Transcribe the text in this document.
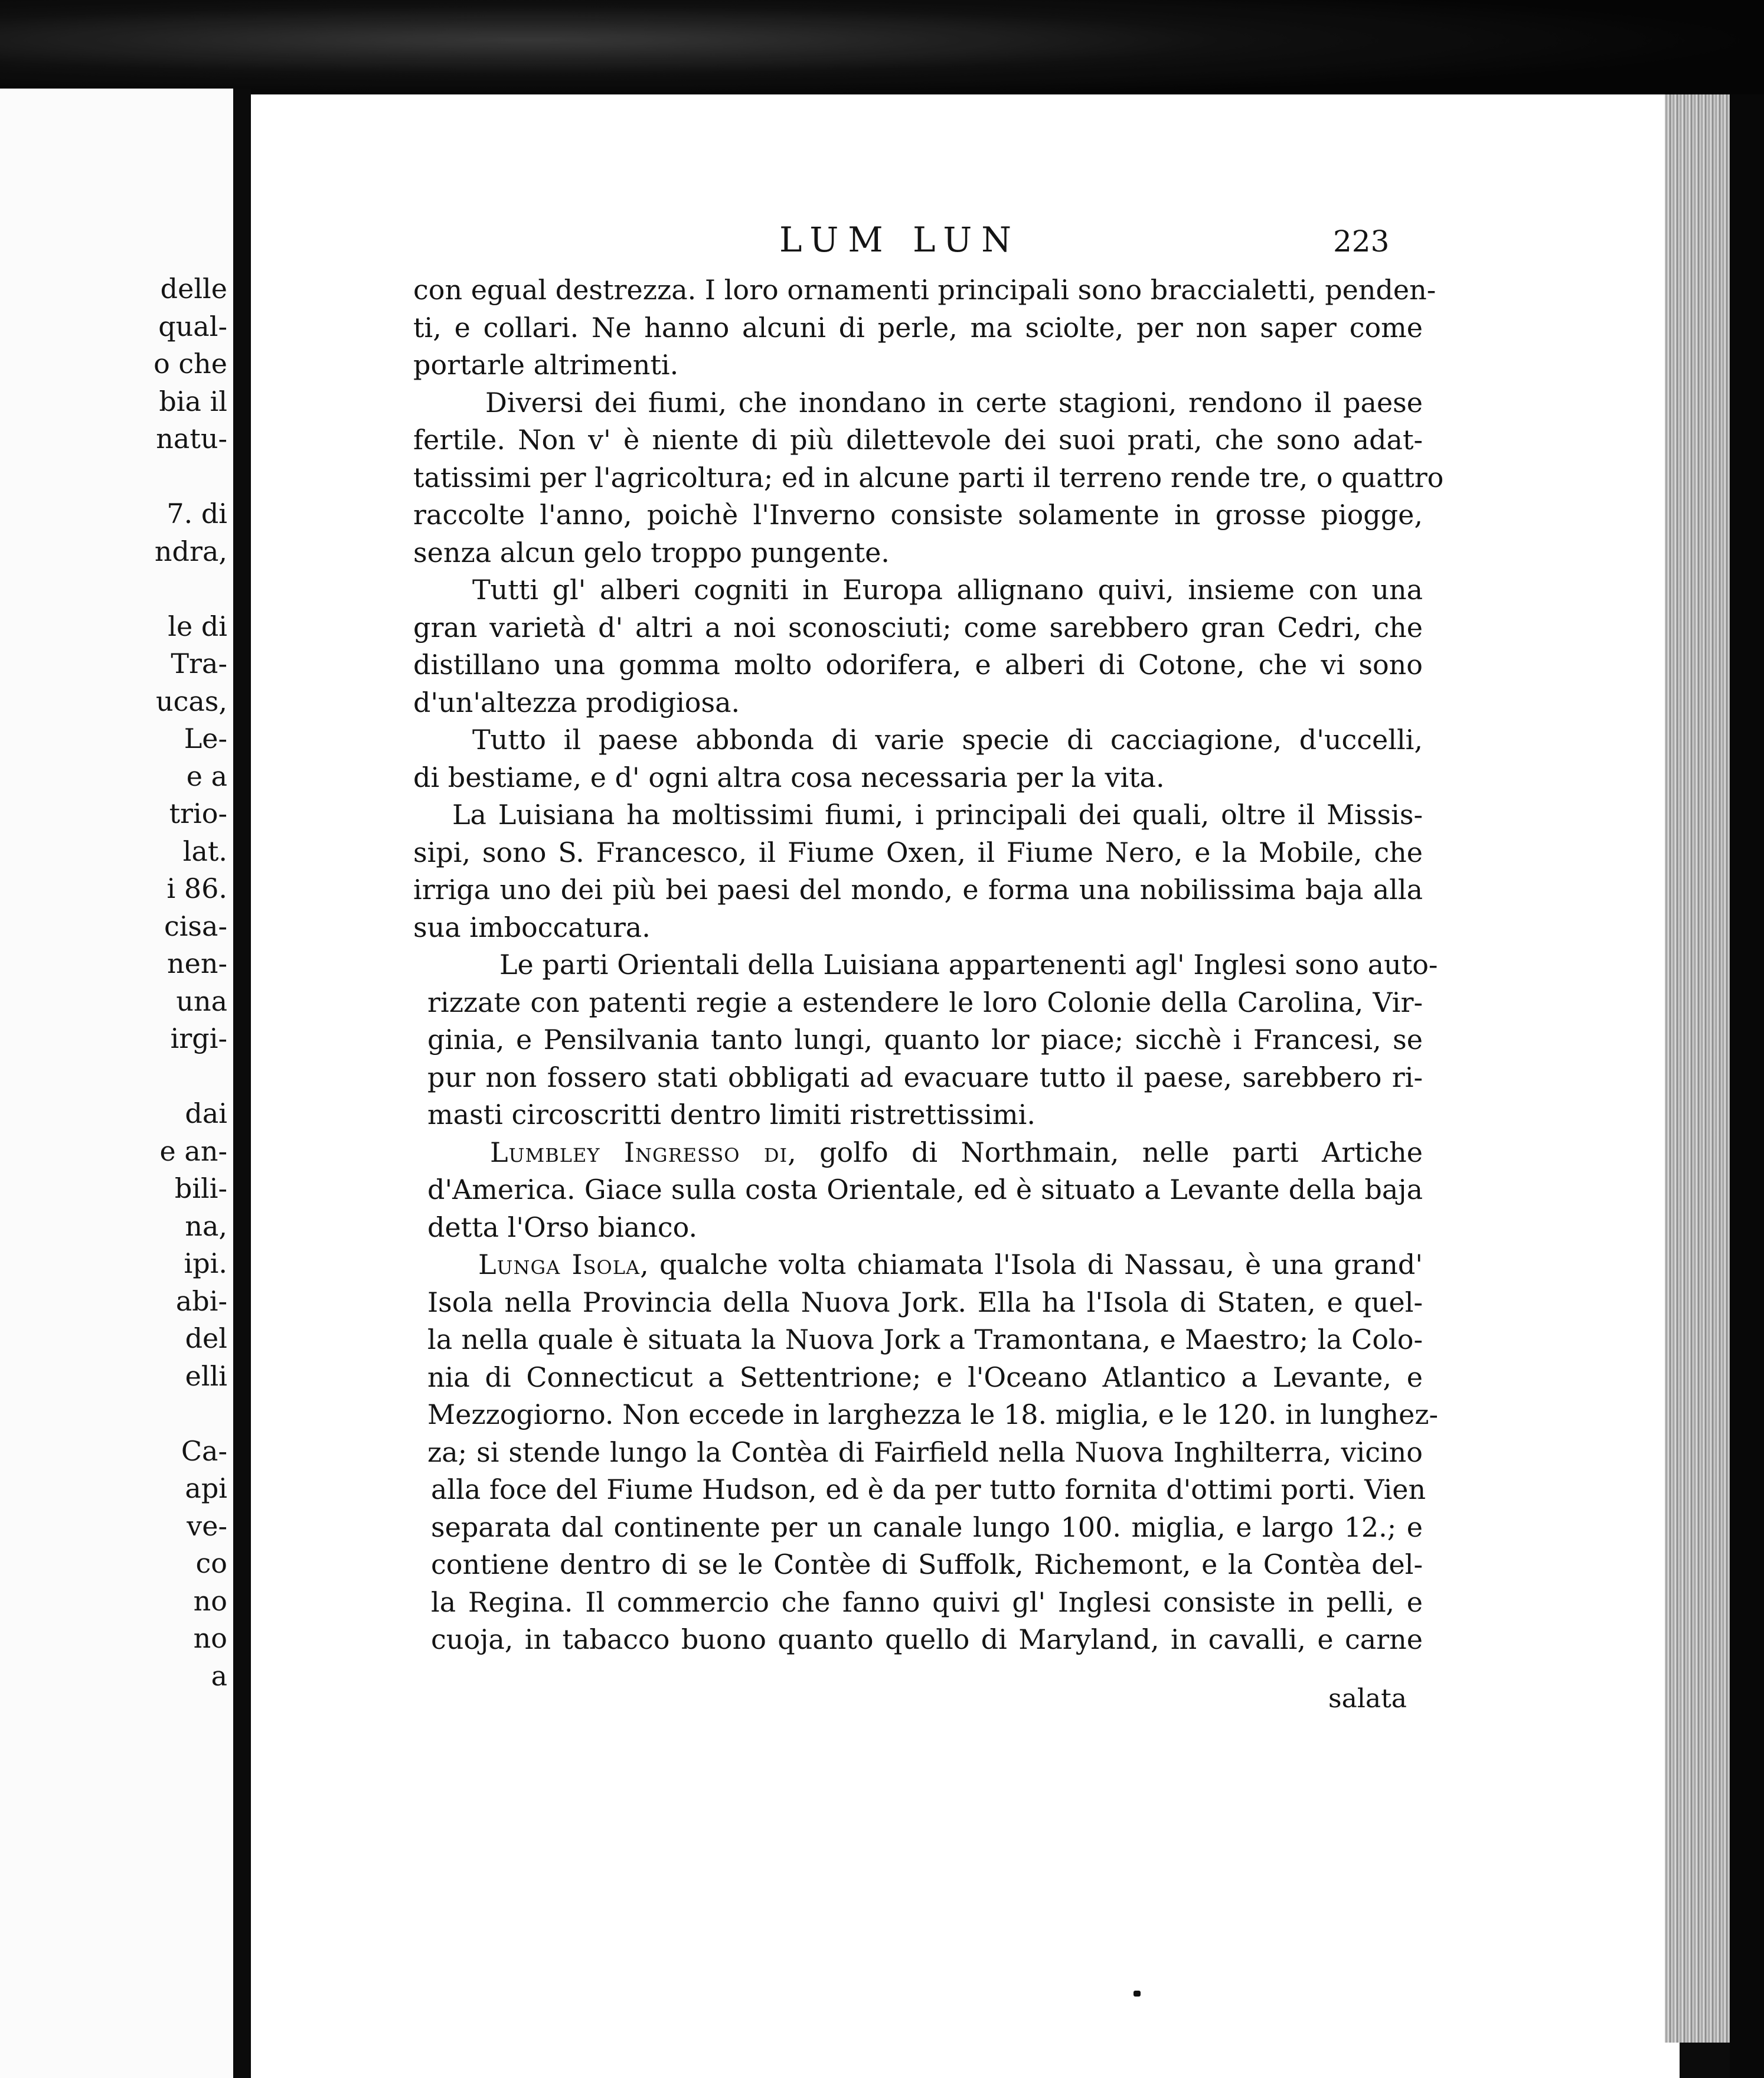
delle
qual-
o che
bia il
natu-
7. di
ndra,
le di
Tra-
ucas,
Le-
e a
trio-
lat.
i 86.
cisa-
nen-
una
irgi-
dai
e an-
bili-
na,
ipi.
abi-
del
elli
Ca-
api
ve-
co
no
no
a
LUM LUN	223
con egual destrezza. I loro ornamenti principali sono braccialetti, penden-
ti, e collari. Ne hanno alcuni di perle, ma sciolte, per non saper come
portarle altrimenti.
Diversi dei fiumi, che inondano in certe stagioni, rendono il paese
fertile. Non v' è niente di più dilettevole dei suoi prati, che sono adat-
tatissimi per l'agricoltura; ed in alcune parti il terreno rende tre, o quattro
raccolte l'anno, poichè l'Inverno consiste solamente in grosse piogge,
senza alcun gelo troppo pungente.
Tutti gl' alberi cogniti in Europa allignano quivi, insieme con una
gran varietà d' altri a noi sconosciuti; come sarebbero gran Cedri, che
distillano una gomma molto odorifera, e alberi di Cotone, che vi sono
d'un'altezza prodigiosa.
Tutto il paese abbonda di varie specie di cacciagione, d'uccelli,
di bestiame, e d' ogni altra cosa necessaria per la vita.
La Luisiana ha moltissimi fiumi, i principali dei quali, oltre il Missis-
sipi, sono S. Francesco, il Fiume Oxen, il Fiume Nero, e la Mobile, che
irriga uno dei più bei paesi del mondo, e forma una nobilissima baja alla
sua imboccatura.
Le parti Orientali della Luisiana appartenenti agl' Inglesi sono auto-
rizzate con patenti regie a estendere le loro Colonie della Carolina, Vir-
ginia, e Pensilvania tanto lungi, quanto lor piace; sicchè i Francesi, se
pur non fossero stati obbligati ad evacuare tutto il paese, sarebbero ri-
masti circoscritti dentro limiti ristrettissimi.
Lumbley Ingresso di, golfo di Northmain, nelle parti Artiche
d'America. Giace sulla costa Orientale, ed è situato a Levante della baja
detta l'Orso bianco.
Lunga Isola, qualche volta chiamata l'Isola di Nassau, è una grand'
Isola nella Provincia della Nuova Jork. Ella ha l'Isola di Staten, e quel-
la nella quale è situata la Nuova Jork a Tramontana, e Maestro; la Colo-
nia di Connecticut a Settentrione; e l'Oceano Atlantico a Levante, e
Mezzogiorno. Non eccede in larghezza le 18. miglia, e le 120. in lunghez-
za; si stende lungo la Contèa di Fairfield nella Nuova Inghilterra, vicino
alla foce del Fiume Hudson, ed è da per tutto fornita d'ottimi porti. Vien
separata dal continente per un canale lungo 100. miglia, e largo 12.; e
contiene dentro di se le Contèe di Suffolk, Richemont, e la Contèa del-
la Regina. Il commercio che fanno quivi gl' Inglesi consiste in pelli, e
cuoja, in tabacco buono quanto quello di Maryland, in cavalli, e carne
salata
